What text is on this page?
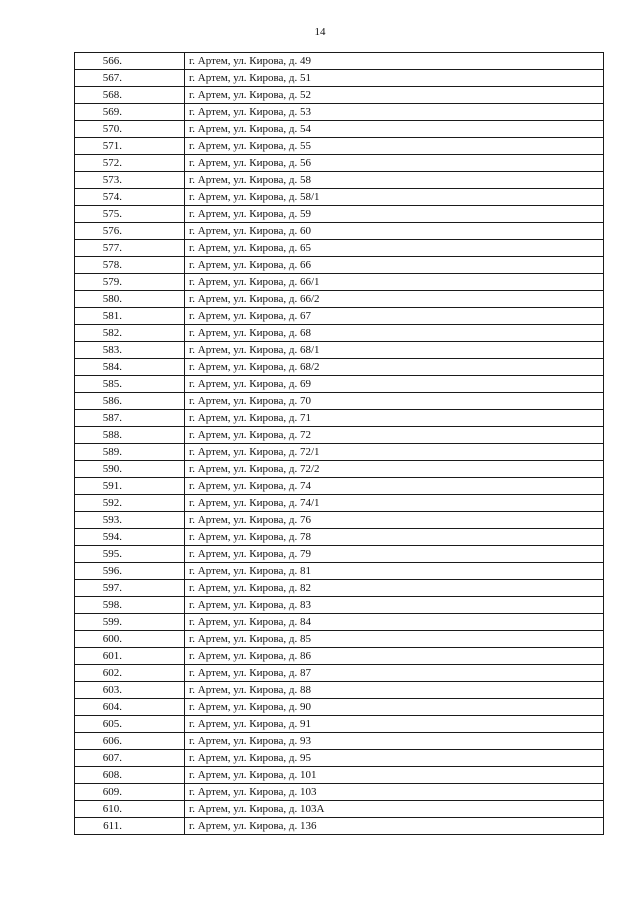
14
566.	г. Артем, ул. Кирова, д. 49
567.	г. Артем, ул. Кирова, д. 51
568.	г. Артем, ул. Кирова, д. 52
569.	г. Артем, ул. Кирова, д. 53
570.	г. Артем, ул. Кирова, д. 54
571.	г. Артем, ул. Кирова, д. 55
572.	г. Артем, ул. Кирова, д. 56
573.	г. Артем, ул. Кирова, д. 58
574.	г. Артем, ул. Кирова, д. 58/1
575.	г. Артем, ул. Кирова, д. 59
576.	г. Артем, ул. Кирова, д. 60
577.	г. Артем, ул. Кирова, д. 65
578.	г. Артем, ул. Кирова, д. 66
579.	г. Артем, ул. Кирова, д. 66/1
580.	г. Артем, ул. Кирова, д. 66/2
581.	г. Артем, ул. Кирова, д. 67
582.	г. Артем, ул. Кирова, д. 68
583.	г. Артем, ул. Кирова, д. 68/1
584.	г. Артем, ул. Кирова, д. 68/2
585.	г. Артем, ул. Кирова, д. 69
586.	г. Артем, ул. Кирова, д. 70
587.	г. Артем, ул. Кирова, д. 71
588.	г. Артем, ул. Кирова, д. 72
589.	г. Артем, ул. Кирова, д. 72/1
590.	г. Артем, ул. Кирова, д. 72/2
591.	г. Артем, ул. Кирова, д. 74
592.	г. Артем, ул. Кирова, д. 74/1
593.	г. Артем, ул. Кирова, д. 76
594.	г. Артем, ул. Кирова, д. 78
595.	г. Артем, ул. Кирова, д. 79
596.	г. Артем, ул. Кирова, д. 81
597.	г. Артем, ул. Кирова, д. 82
598.	г. Артем, ул. Кирова, д. 83
599.	г. Артем, ул. Кирова, д. 84
600.	г. Артем, ул. Кирова, д. 85
601.	г. Артем, ул. Кирова, д. 86
602.	г. Артем, ул. Кирова, д. 87
603.	г. Артем, ул. Кирова, д. 88
604.	г. Артем, ул. Кирова, д. 90
605.	г. Артем, ул. Кирова, д. 91
606.	г. Артем, ул. Кирова, д. 93
607.	г. Артем, ул. Кирова, д. 95
608.	г. Артем, ул. Кирова, д. 101
609.	г. Артем, ул. Кирова, д. 103
610.	г. Артем, ул. Кирова, д. 103А
611.	г. Артем, ул. Кирова, д. 136
